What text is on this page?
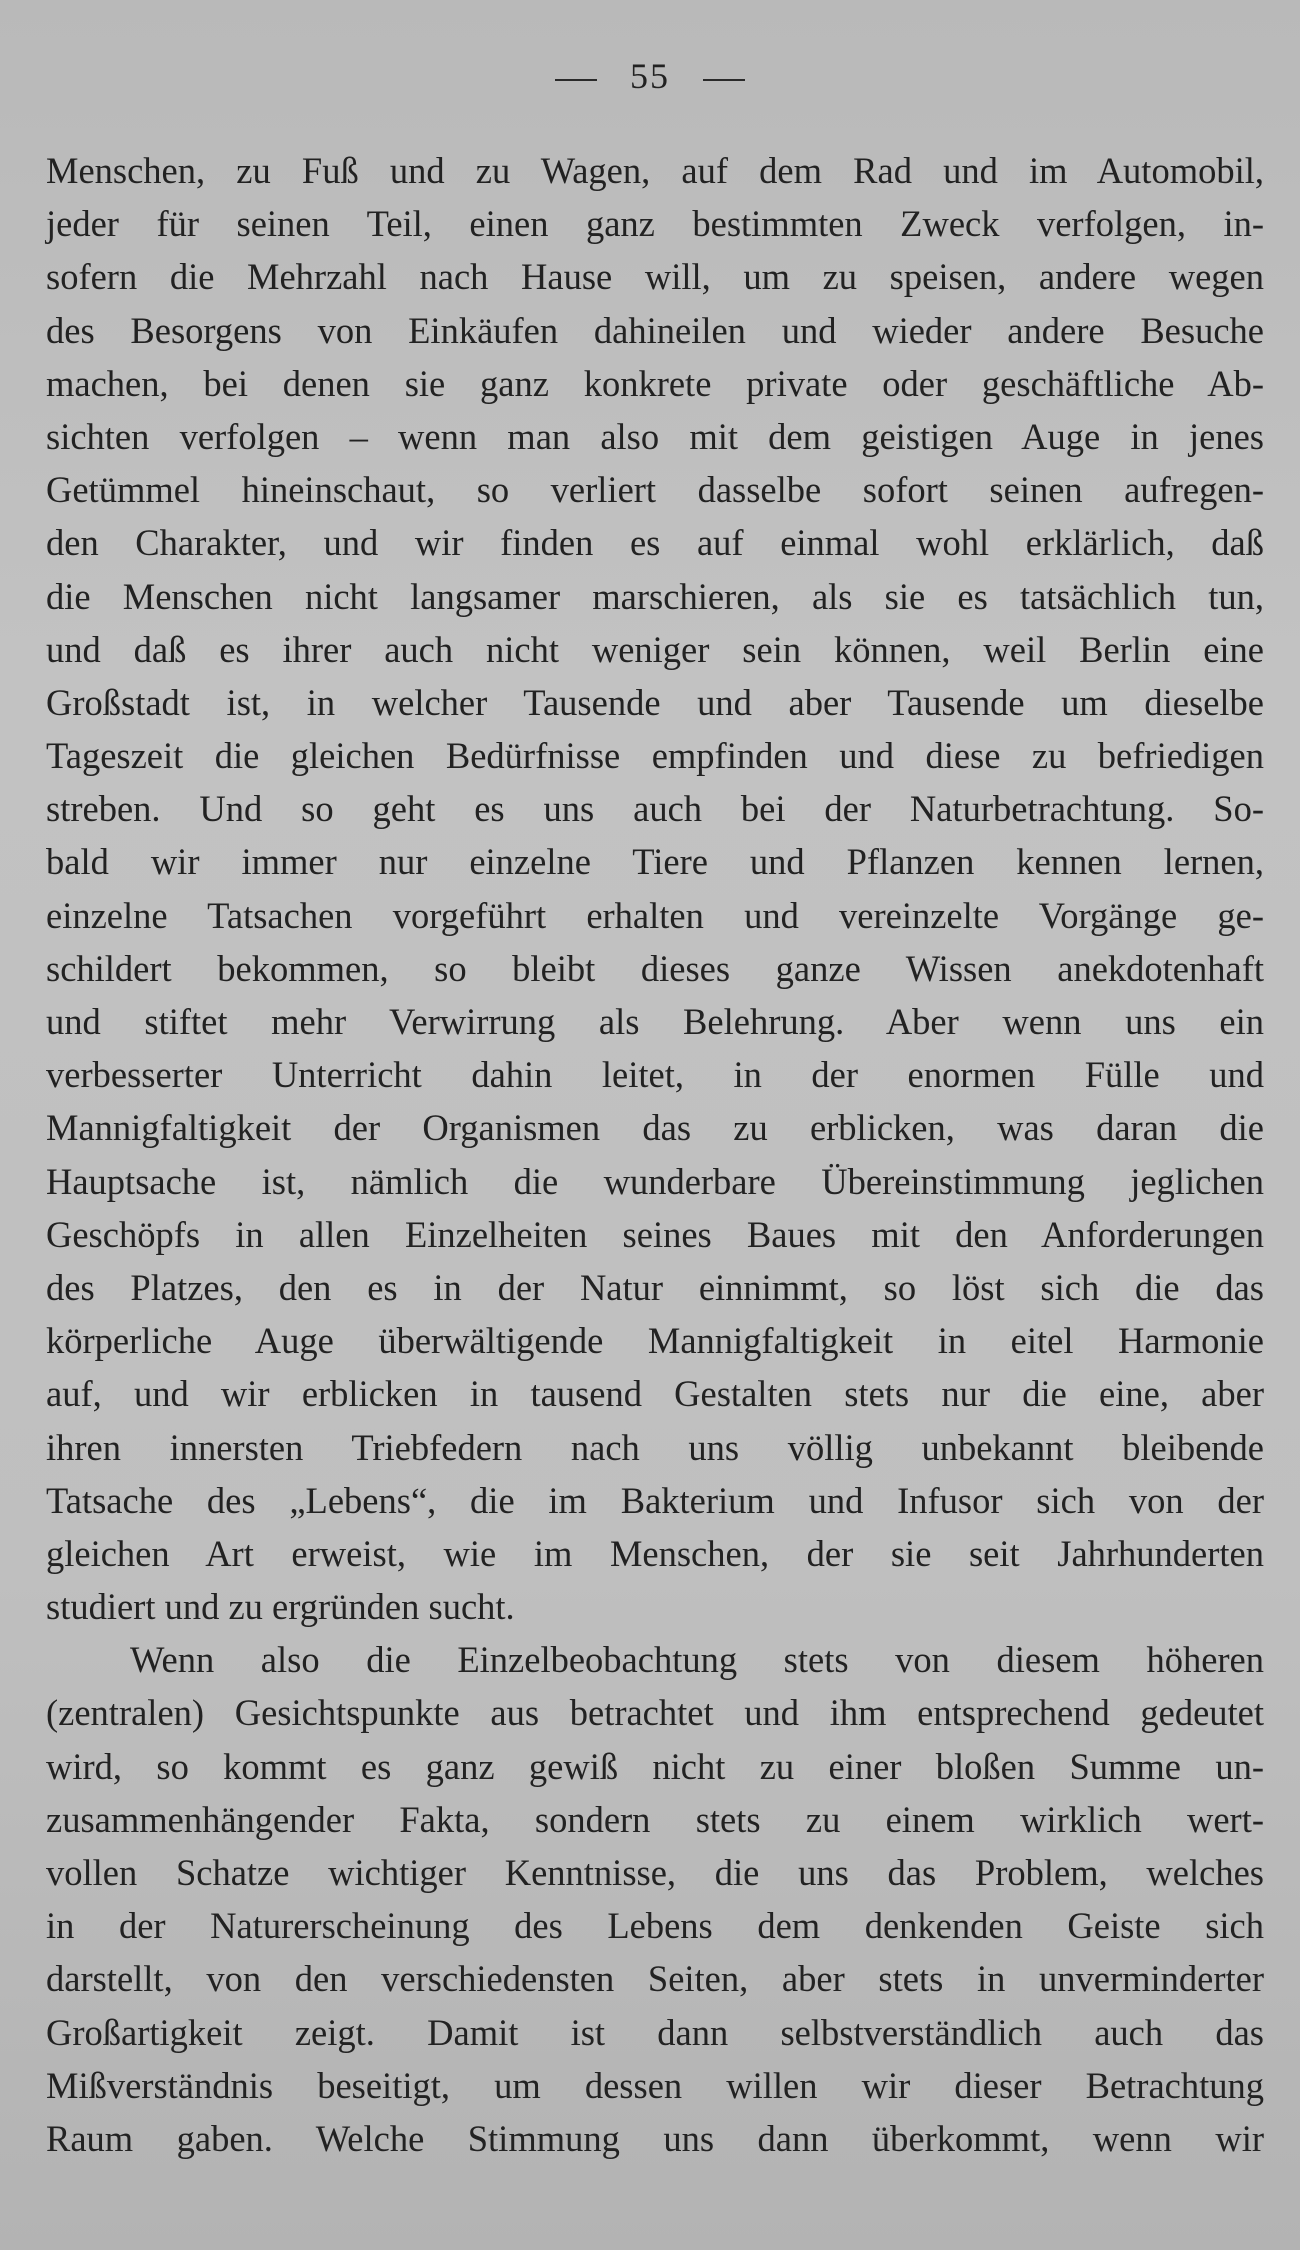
55
Menschen, zu Fuß und zu Wagen, auf dem Rad und im Automobil,
jeder für seinen Teil, einen ganz bestimmten Zweck verfolgen, in-
sofern die Mehrzahl nach Hause will, um zu speisen, andere wegen
des Besorgens von Einkäufen dahineilen und wieder andere Besuche
machen, bei denen sie ganz konkrete private oder geschäftliche Ab-
sichten verfolgen – wenn man also mit dem geistigen Auge in jenes
Getümmel hineinschaut, so verliert dasselbe sofort seinen aufregen-
den Charakter, und wir finden es auf einmal wohl erklärlich, daß
die Menschen nicht langsamer marschieren, als sie es tatsächlich tun,
und daß es ihrer auch nicht weniger sein können, weil Berlin eine
Großstadt ist, in welcher Tausende und aber Tausende um dieselbe
Tageszeit die gleichen Bedürfnisse empfinden und diese zu befriedigen
streben. Und so geht es uns auch bei der Naturbetrachtung. So-
bald wir immer nur einzelne Tiere und Pflanzen kennen lernen,
einzelne Tatsachen vorgeführt erhalten und vereinzelte Vorgänge ge-
schildert bekommen, so bleibt dieses ganze Wissen anekdotenhaft
und stiftet mehr Verwirrung als Belehrung. Aber wenn uns ein
verbesserter Unterricht dahin leitet, in der enormen Fülle und
Mannigfaltigkeit der Organismen das zu erblicken, was daran die
Hauptsache ist, nämlich die wunderbare Übereinstimmung jeglichen
Geschöpfs in allen Einzelheiten seines Baues mit den Anforderungen
des Platzes, den es in der Natur einnimmt, so löst sich die das
körperliche Auge überwältigende Mannigfaltigkeit in eitel Harmonie
auf, und wir erblicken in tausend Gestalten stets nur die eine, aber
ihren innersten Triebfedern nach uns völlig unbekannt bleibende
Tatsache des „Lebens“, die im Bakterium und Infusor sich von der
gleichen Art erweist, wie im Menschen, der sie seit Jahrhunderten
studiert und zu ergründen sucht.
Wenn also die Einzelbeobachtung stets von diesem höheren
(zentralen) Gesichtspunkte aus betrachtet und ihm entsprechend gedeutet
wird, so kommt es ganz gewiß nicht zu einer bloßen Summe un-
zusammenhängender Fakta, sondern stets zu einem wirklich wert-
vollen Schatze wichtiger Kenntnisse, die uns das Problem, welches
in der Naturerscheinung des Lebens dem denkenden Geiste sich
darstellt, von den verschiedensten Seiten, aber stets in unverminderter
Großartigkeit zeigt. Damit ist dann selbstverständlich auch das
Mißverständnis beseitigt, um dessen willen wir dieser Betrachtung
Raum gaben. Welche Stimmung uns dann überkommt, wenn wir
